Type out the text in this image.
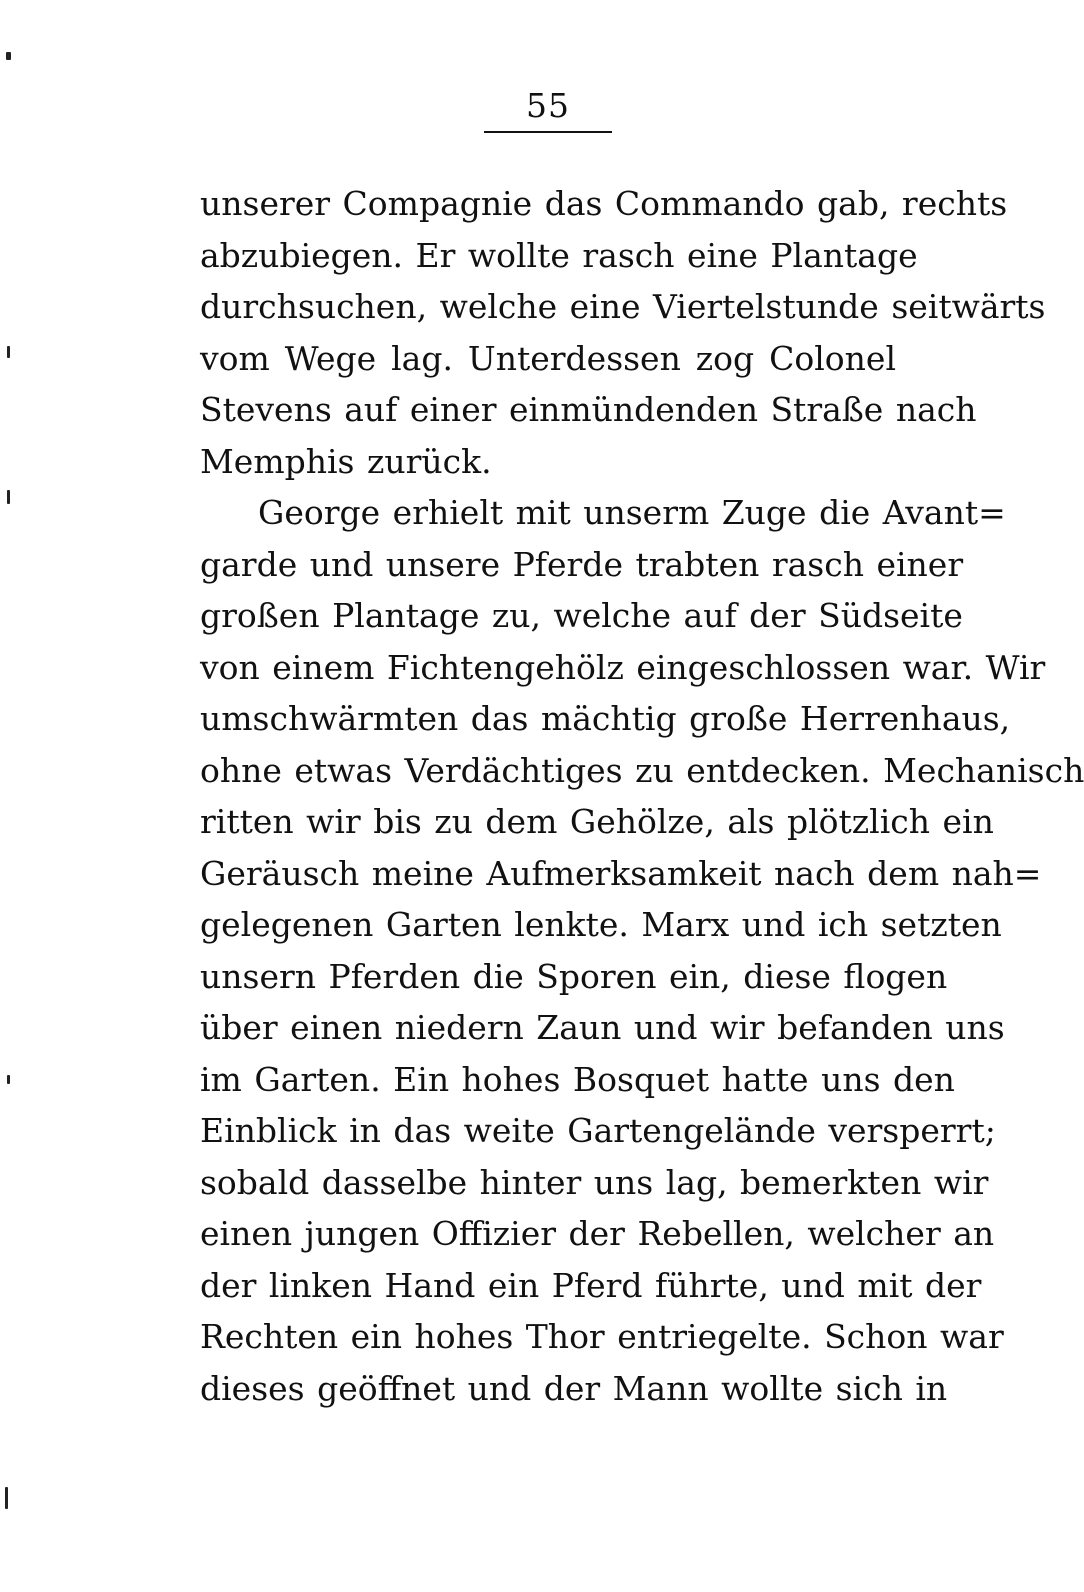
55
unserer Compagnie das Commando gab, rechts
abzubiegen. Er wollte rasch eine Plantage
durchsuchen, welche eine Viertelstunde seitwärts
vom Wege lag. Unterdessen zog Colonel
Stevens auf einer einmündenden Straße nach
Memphis zurück.
George erhielt mit unserm Zuge die Avant=
garde und unsere Pferde trabten rasch einer
großen Plantage zu, welche auf der Südseite
von einem Fichtengehölz eingeschlossen war. Wir
umschwärmten das mächtig große Herrenhaus,
ohne etwas Verdächtiges zu entdecken. Mechanisch
ritten wir bis zu dem Gehölze, als plötzlich ein
Geräusch meine Aufmerksamkeit nach dem nah=
gelegenen Garten lenkte. Marx und ich setzten
unsern Pferden die Sporen ein, diese flogen
über einen niedern Zaun und wir befanden uns
im Garten. Ein hohes Bosquet hatte uns den
Einblick in das weite Gartengelände versperrt;
sobald dasselbe hinter uns lag, bemerkten wir
einen jungen Offizier der Rebellen, welcher an
der linken Hand ein Pferd führte, und mit der
Rechten ein hohes Thor entriegelte. Schon war
dieses geöffnet und der Mann wollte sich in
